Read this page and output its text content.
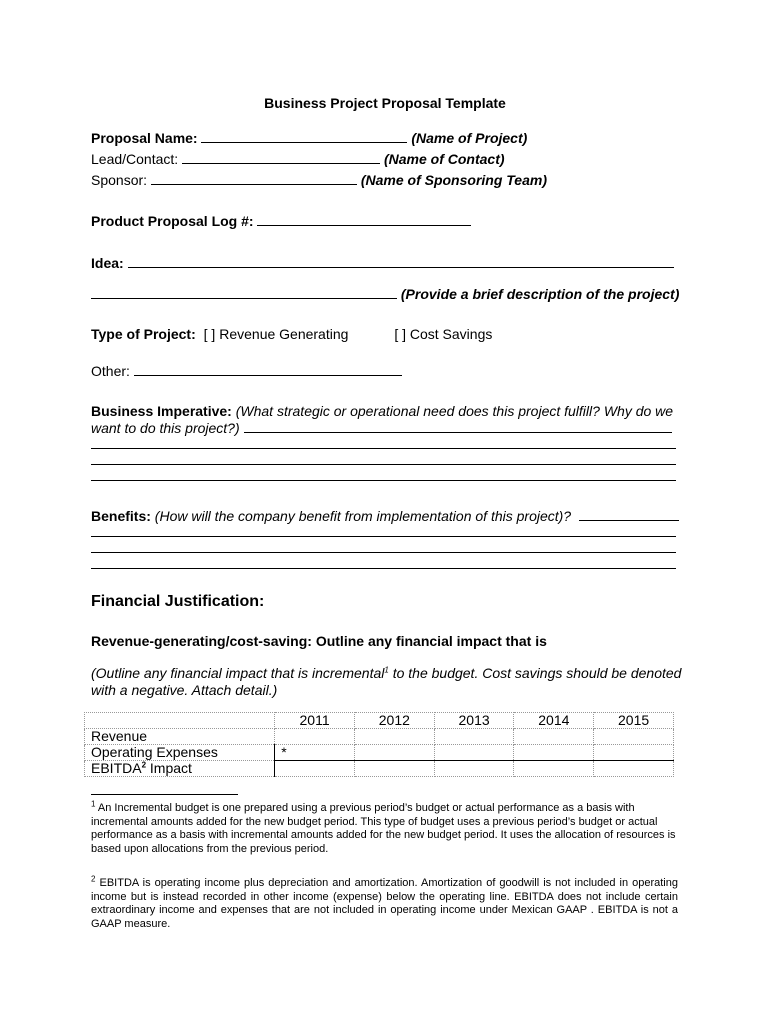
Business Project Proposal Template
Proposal Name:	(Name of Project)
Lead/Contact:	(Name of Contact)
Sponsor:	(Name of Sponsoring Team)
Product Proposal Log #:
Idea:
(Provide a brief description of the project)
Type of Project: [ ] Revenue Generating	[ ] Cost Savings
Other:
Business Imperative: (What strategic or operational need does this project fulfill? Why do we
want to do this project?)
Benefits: (How will the company benefit from implementation of this project)?
Financial Justification:
Revenue-generating/cost-saving: Outline any financial impact that is
(Outline any financial impact that is incremental$^1$ to the budget. Cost savings should be denoted
with a negative. Attach detail.)
	2011	2012	2013	2014	2015
Revenue					
Operating Expenses	*				
EBITDA$^2$ Impact					
$^1$ An Incremental budget is one prepared using a previous period’s budget or actual performance as a basis with incremental amounts added for the new budget period. This type of budget uses a previous period’s budget or actual performance as a basis with incremental amounts added for the new budget period. It uses the allocation of resources is based upon allocations from the previous period.
$^2$ EBITDA is operating income plus depreciation and amortization. Amortization of goodwill is not included in operating income but is instead recorded in other income (expense) below the operating line. EBITDA does not include certain extraordinary income and expenses that are not included in operating income under Mexican GAAP . EBITDA is not a GAAP measure.
